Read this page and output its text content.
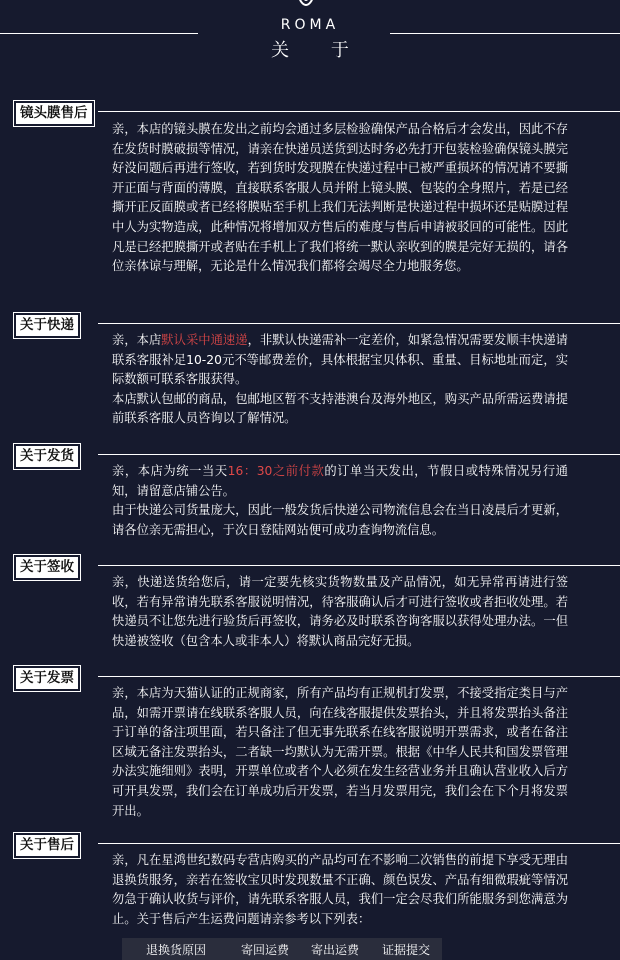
ROMA
关 于
镜头膜售后

亲，本店的镜头膜在发出之前均会通过多层检验确保产品合格后才会发出，因此不存在发货时膜破损等情况，请亲在快递员送货到达时务必先打开包装检验确保镜头膜完好没问题后再进行签收，若到货时发现膜在快递过程中已被严重损坏的情况请不要撕开正面与背面的薄膜，直接联系客服人员并附上镜头膜、包装的全身照片，若是已经撕开正反面膜或者已经将膜贴至手机上我们无法判断是快递过程中损坏还是贴膜过程中人为实物造成，此种情况将增加双方售后的难度与售后申请被驳回的可能性。因此凡是已经把膜撕开或者贴在手机上了我们将统一默认亲收到的膜是完好无损的，请各位亲体谅与理解，无论是什么情况我们都将会竭尽全力地服务您。

关于快递

亲，本店默认采中通速递，非默认快递需补一定差价，如紧急情况需要发顺丰快递请联系客服补足10-20元不等邮费差价，具体根据宝贝体积、重量、目标地址而定，实际数额可联系客服获得。
本店默认包邮的商品，包邮地区暂不支持港澳台及海外地区，购买产品所需运费请提前联系客服人员咨询以了解情况。

关于发货

亲，本店为统一当天16：30之前付款的订单当天发出，节假日或特殊情况另行通知，请留意店铺公告。
由于快递公司货量庞大，因此一般发货后快递公司物流信息会在当日凌晨后才更新，请各位亲无需担心，于次日登陆网站便可成功查询物流信息。

关于签收

亲，快递送货给您后，请一定要先核实货物数量及产品情况，如无异常再请进行签收，若有异常请先联系客服说明情况，待客服确认后才可进行签收或者拒收处理。若快递员不让您先进行验货后再签收，请务必及时联系咨询客服以获得处理办法。一但快递被签收（包含本人或非本人）将默认商品完好无损。

关于发票

亲，本店为天猫认证的正规商家，所有产品均有正规机打发票，不接受指定类目与产品，如需开票请在线联系客服人员，向在线客服提供发票抬头，并且将发票抬头备注于订单的备注项里面，若只备注了但无事先联系在线客服说明开票需求，或者在备注区域无备注发票抬头，二者缺一均默认为无需开票。根据《中华人民共和国发票管理办法实施细则》表明，开票单位或者个人必须在发生经营业务并且确认营业收入后方可开具发票，我们会在订单成功后开发票，若当月发票用完，我们会在下个月将发票开出。

关于售后

亲，凡在星鸿世纪数码专营店购买的产品均可在不影响二次销售的前提下享受无理由退换货服务，亲若在签收宝贝时发现数量不正确、颜色误发、产品有细微瑕疵等情况勿急于确认收货与评价，请先联系客服人员，我们一定会尽我们所能服务到您满意为止。关于售后产生运费问题请亲参考以下列表：

退换货原因	寄回运费	寄出运费	证据提交
